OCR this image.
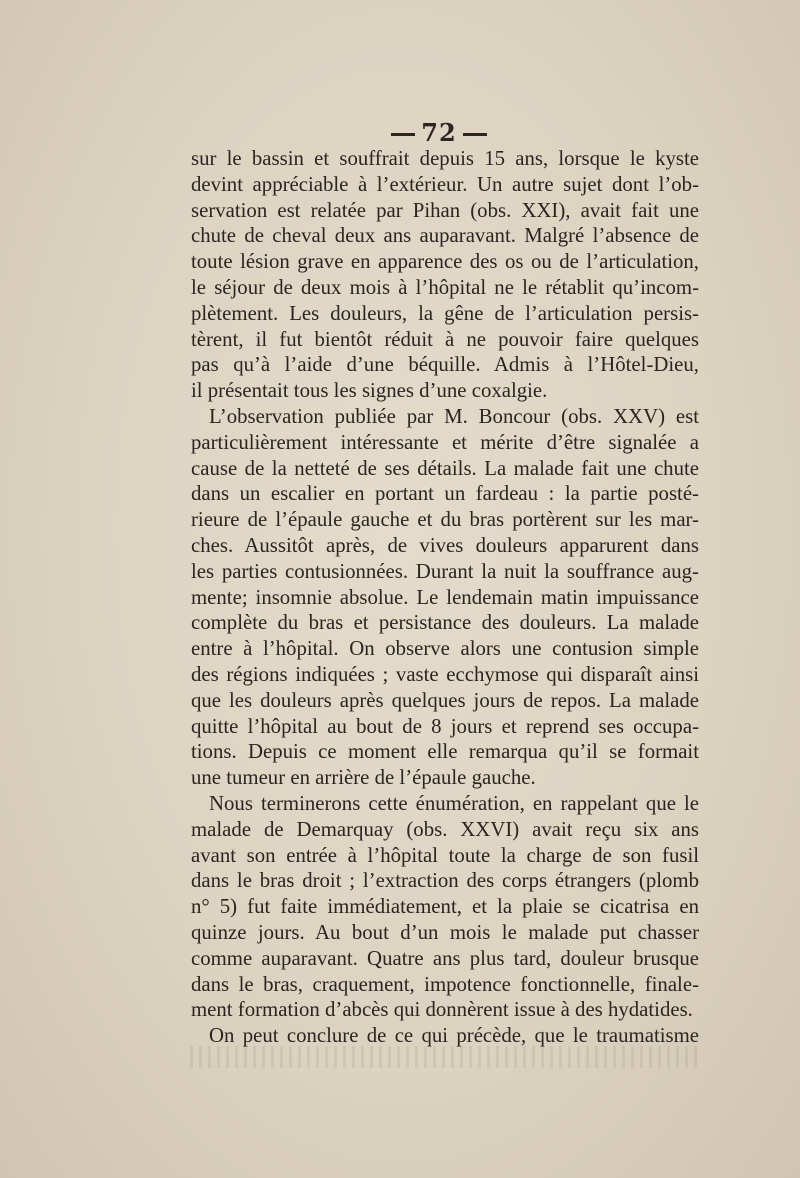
72
sur le bassin et souffrait depuis 15 ans, lorsque le kyste
devint appréciable à l’extérieur. Un autre sujet dont l’ob-
servation est relatée par Pihan (obs. XXI), avait fait une
chute de cheval deux ans auparavant. Malgré l’absence de
toute lésion grave en apparence des os ou de l’articulation,
le séjour de deux mois à l’hôpital ne le rétablit qu’incom-
plètement. Les douleurs, la gêne de l’articulation persis-
tèrent, il fut bientôt réduit à ne pouvoir faire quelques
pas qu’à l’aide d’une béquille. Admis à l’Hôtel-Dieu,
il présentait tous les signes d’une coxalgie.
L’observation publiée par M. Boncour (obs. XXV) est
particulièrement intéressante et mérite d’être signalée a
cause de la netteté de ses détails. La malade fait une chute
dans un escalier en portant un fardeau : la partie posté-
rieure de l’épaule gauche et du bras portèrent sur les mar-
ches. Aussitôt après, de vives douleurs apparurent dans
les parties contusionnées. Durant la nuit la souffrance aug-
mente; insomnie absolue. Le lendemain matin impuissance
complète du bras et persistance des douleurs. La malade
entre à l’hôpital. On observe alors une contusion simple
des régions indiquées ; vaste ecchymose qui disparaît ainsi
que les douleurs après quelques jours de repos. La malade
quitte l’hôpital au bout de 8 jours et reprend ses occupa-
tions. Depuis ce moment elle remarqua qu’il se formait
une tumeur en arrière de l’épaule gauche.
Nous terminerons cette énumération, en rappelant que le
malade de Demarquay (obs. XXVI) avait reçu six ans
avant son entrée à l’hôpital toute la charge de son fusil
dans le bras droit ; l’extraction des corps étrangers (plomb
n° 5) fut faite immédiatement, et la plaie se cicatrisa en
quinze jours. Au bout d’un mois le malade put chasser
comme auparavant. Quatre ans plus tard, douleur brusque
dans le bras, craquement, impotence fonctionnelle, finale-
ment formation d’abcès qui donnèrent issue à des hydatides.
On peut conclure de ce qui précède, que le traumatisme
